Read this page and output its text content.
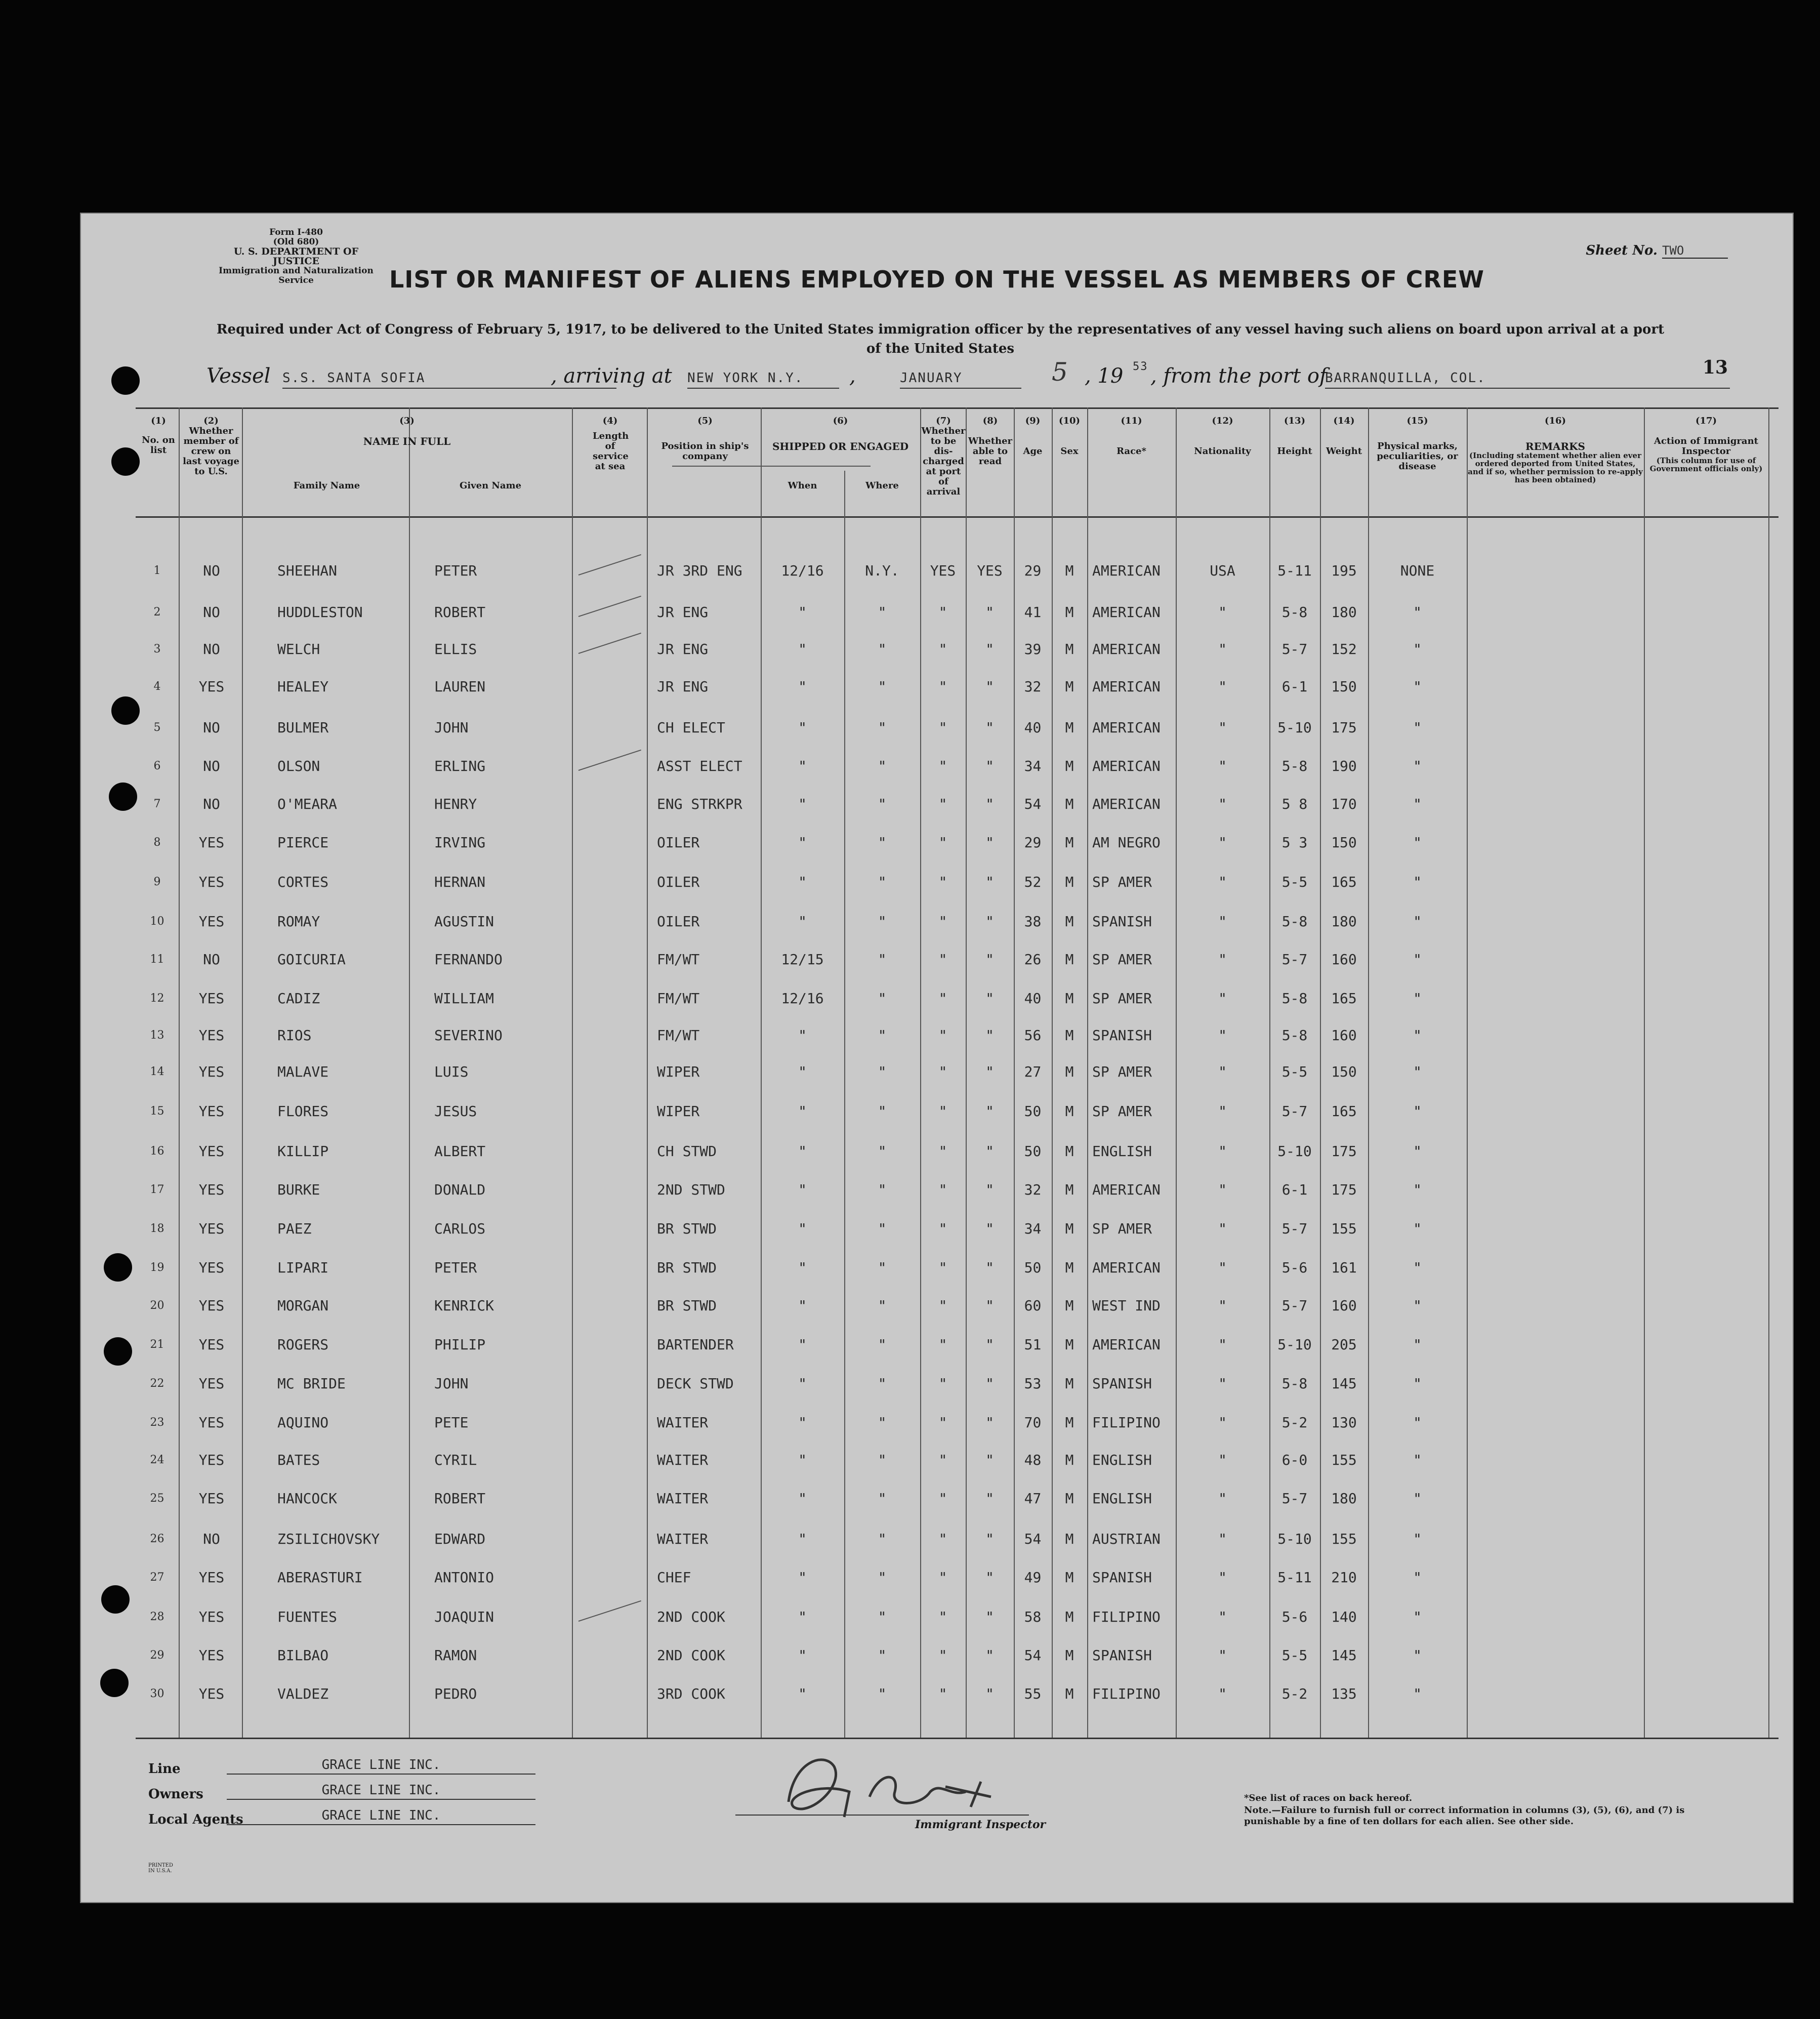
Form I-480
(Old 680)
U. S. DEPARTMENT OF JUSTICE
Immigration and Naturalization Service
Sheet No. TWO
LIST OR MANIFEST OF ALIENS EMPLOYED ON THE VESSEL AS MEMBERS OF CREW
Required under Act of Congress of February 5, 1917, to be delivered to the United States immigration officer by the representatives of any vessel having such aliens on board upon arrival at a port of the United States
13
Vessel S.S. SANTA SOFIA	, arriving at NEW YORK N.Y.	,	JANUARY	5 , 19 53 , from the port of
BARRANQUILLA, COL.
(1)
No. on list
(2)
Whether member of crew on last voyage to U.S.
(3)
NAME IN FULL
Family Name	Given Name
(4)
Length of service at sea
(5)
Position in ship's company
(6)
SHIPPED OR ENGAGED
When	Where
(7)
Whether to be dis-charged at port of arrival
(8)
Whether able to read
(9)
Age
(10)
Sex
(11)
Race*
(12)
Nationality
(13)
Height
(14)
Weight
(15)
Physical marks, peculiarities, or disease
(16)
REMARKS
(Including statement whether alien ever ordered deported from United States, and if so, whether permission to re-apply has been obtained)
(17)
Action of Immigrant Inspector
(This column for use of Government officials only)
1	NO	SHEEHAN	PETER	JR 3RD ENG	12/16	N.Y.	YES	YES	29	M	AMERICAN	USA	5-11	195	NONE
2	NO	HUDDLESTON	ROBERT	JR ENG	"	"	"	"	41	M	AMERICAN	"	5-8	180	"
3	NO	WELCH	ELLIS	JR ENG	"	"	"	"	39	M	AMERICAN	"	5-7	152	"
4	YES	HEALEY	LAUREN	JR ENG	"	"	"	"	32	M	AMERICAN	"	6-1	150	"
5	NO	BULMER	JOHN	CH ELECT	"	"	"	"	40	M	AMERICAN	"	5-10	175	"
6	NO	OLSON	ERLING	ASST ELECT	"	"	"	"	34	M	AMERICAN	"	5-8	190	"
7	NO	O'MEARA	HENRY	ENG STRKPR	"	"	"	"	54	M	AMERICAN	"	5 8	170	"
8	YES	PIERCE	IRVING	OILER	"	"	"	"	29	M	AM NEGRO	"	5 3	150	"
9	YES	CORTES	HERNAN	OILER	"	"	"	"	52	M	SP AMER	"	5-5	165	"
10	YES	ROMAY	AGUSTIN	OILER	"	"	"	"	38	M	SPANISH	"	5-8	180	"
11	NO	GOICURIA	FERNANDO	FM/WT	12/15	"	"	"	26	M	SP AMER	"	5-7	160	"
12	YES	CADIZ	WILLIAM	FM/WT	12/16	"	"	"	40	M	SP AMER	"	5-8	165	"
13	YES	RIOS	SEVERINO	FM/WT	"	"	"	"	56	M	SPANISH	"	5-8	160	"
14	YES	MALAVE	LUIS	WIPER	"	"	"	"	27	M	SP AMER	"	5-5	150	"
15	YES	FLORES	JESUS	WIPER	"	"	"	"	50	M	SP AMER	"	5-7	165	"
16	YES	KILLIP	ALBERT	CH STWD	"	"	"	"	50	M	ENGLISH	"	5-10	175	"
17	YES	BURKE	DONALD	2ND STWD	"	"	"	"	32	M	AMERICAN	"	6-1	175	"
18	YES	PAEZ	CARLOS	BR STWD	"	"	"	"	34	M	SP AMER	"	5-7	155	"
19	YES	LIPARI	PETER	BR STWD	"	"	"	"	50	M	AMERICAN	"	5-6	161	"
20	YES	MORGAN	KENRICK	BR STWD	"	"	"	"	60	M	WEST IND	"	5-7	160	"
21	YES	ROGERS	PHILIP	BARTENDER	"	"	"	"	51	M	AMERICAN	"	5-10	205	"
22	YES	MC BRIDE	JOHN	DECK STWD	"	"	"	"	53	M	SPANISH	"	5-8	145	"
23	YES	AQUINO	PETE	WAITER	"	"	"	"	70	M	FILIPINO	"	5-2	130	"
24	YES	BATES	CYRIL	WAITER	"	"	"	"	48	M	ENGLISH	"	6-0	155	"
25	YES	HANCOCK	ROBERT	WAITER	"	"	"	"	47	M	ENGLISH	"	5-7	180	"
26	NO	ZSILICHOVSKY	EDWARD	WAITER	"	"	"	"	54	M	AUSTRIAN	"	5-10	155	"
27	YES	ABERASTURI	ANTONIO	CHEF	"	"	"	"	49	M	SPANISH	"	5-11	210	"
28	YES	FUENTES	JOAQUIN	2ND COOK	"	"	"	"	58	M	FILIPINO	"	5-6	140	"
29	YES	BILBAO	RAMON	2ND COOK	"	"	"	"	54	M	SPANISH	"	5-5	145	"
30	YES	VALDEZ	PEDRO	3RD COOK	"	"	"	"	55	M	FILIPINO	"	5-2	135	"
Line	GRACE LINE INC.
Owners	GRACE LINE INC.
Local Agents	GRACE LINE INC.
Immigrant Inspector
*See list of races on back hereof.
Note.—Failure to furnish full or correct information in columns (3), (5), (6), and (7) is punishable by a fine of ten dollars for each alien. See other side.
PRINTED IN U.S.A.
